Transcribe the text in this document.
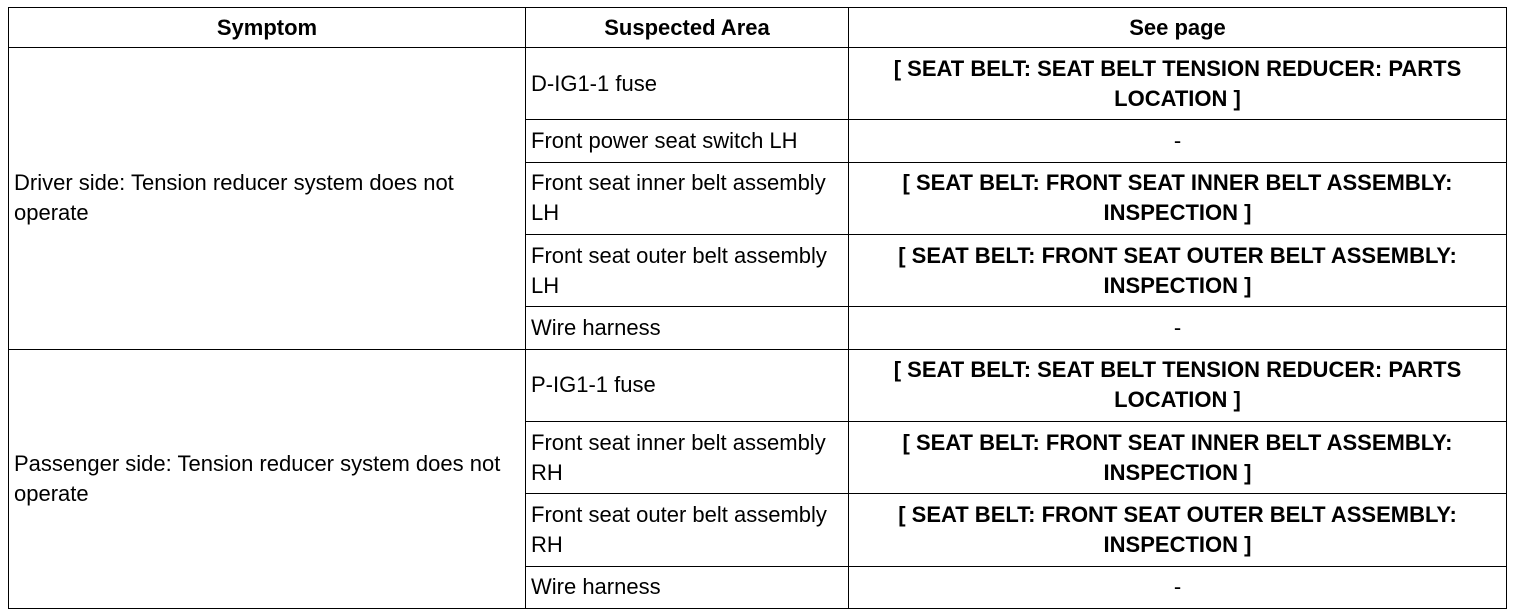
Symptom	Suspected Area	See page
Driver side: Tension reducer system does not operate	D-IG1-1 fuse	[ SEAT BELT: SEAT BELT TENSION REDUCER: PARTS LOCATION ]
	Front power seat switch LH	-
	Front seat inner belt assembly LH	[ SEAT BELT: FRONT SEAT INNER BELT ASSEMBLY: INSPECTION ]
	Front seat outer belt assembly LH	[ SEAT BELT: FRONT SEAT OUTER BELT ASSEMBLY: INSPECTION ]
	Wire harness	-
Passenger side: Tension reducer system does not operate	P-IG1-1 fuse	[ SEAT BELT: SEAT BELT TENSION REDUCER: PARTS LOCATION ]
	Front seat inner belt assembly RH	[ SEAT BELT: FRONT SEAT INNER BELT ASSEMBLY: INSPECTION ]
	Front seat outer belt assembly RH	[ SEAT BELT: FRONT SEAT OUTER BELT ASSEMBLY: INSPECTION ]
	Wire harness	-
